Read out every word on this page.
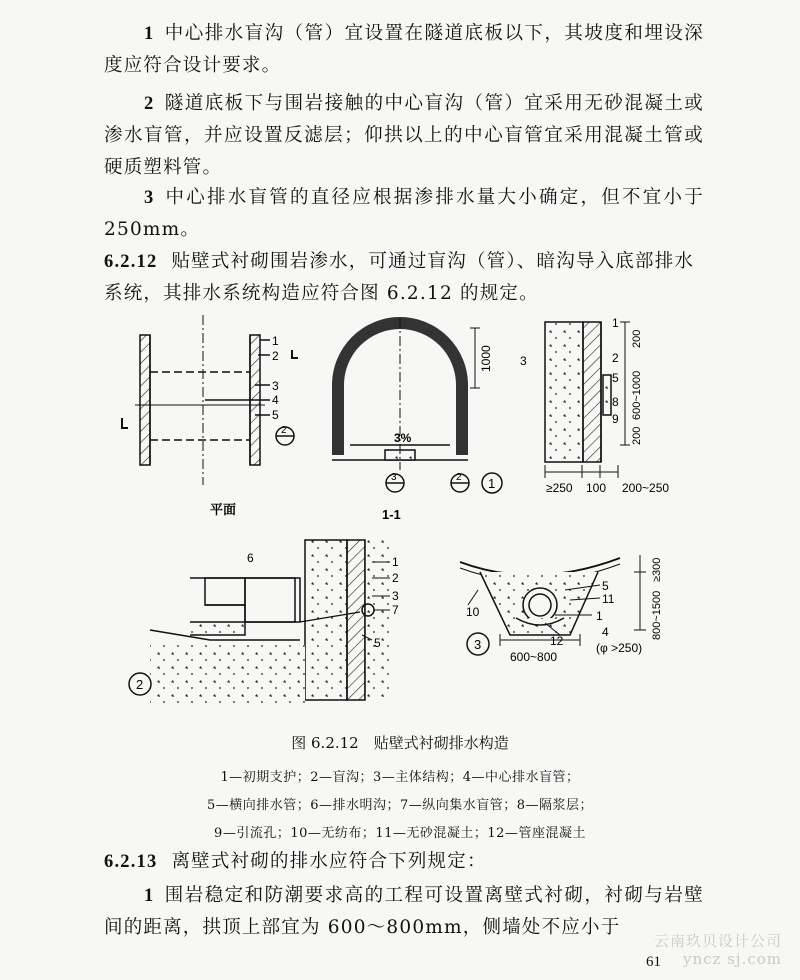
1 中心排水盲沟（管）宜设置在隧道底板以下，其坡度和埋设深度应符合设计要求。

2 隧道底板下与围岩接触的中心盲沟（管）宜采用无砂混凝土或渗水盲管，并应设置反滤层；仰拱以上的中心盲管宜采用混凝土管或硬质塑料管。

3 中心排水盲管的直径应根据渗排水量大小确定，但不宜小于 250mm。

6.2.12 贴壁式衬砌围岩渗水，可通过盲沟（管）、暗沟导入底部排水系统，其排水系统构造应符合图 6.2.12 的规定。

1
2
3
4
5
2
平面
3%
1000
3	2 1
1-1
3
1
2
5
8
9
200
600~1000
200
≥250 100 200~250
6	1
2
3
7
5
2
5
11
10	1
12
4
(φ >250)
600~800
≥300
800~1500
3
图 6.2.12　贴壁式衬砌排水构造
1—初期支护；2—盲沟；3—主体结构；4—中心排水盲管；
5—横向排水管；6—排水明沟；7—纵向集水盲管；8—隔浆层；
9—引流孔；10—无纺布；11—无砂混凝土；12—管座混凝土

6.2.13 离壁式衬砌的排水应符合下列规定：

1 围岩稳定和防潮要求高的工程可设置离壁式衬砌，衬砌与岩壁间的距离，拱顶上部宜为 600～800mm，侧墙处不应小于

云南玖贝设计公司
yncz sj.com
61
